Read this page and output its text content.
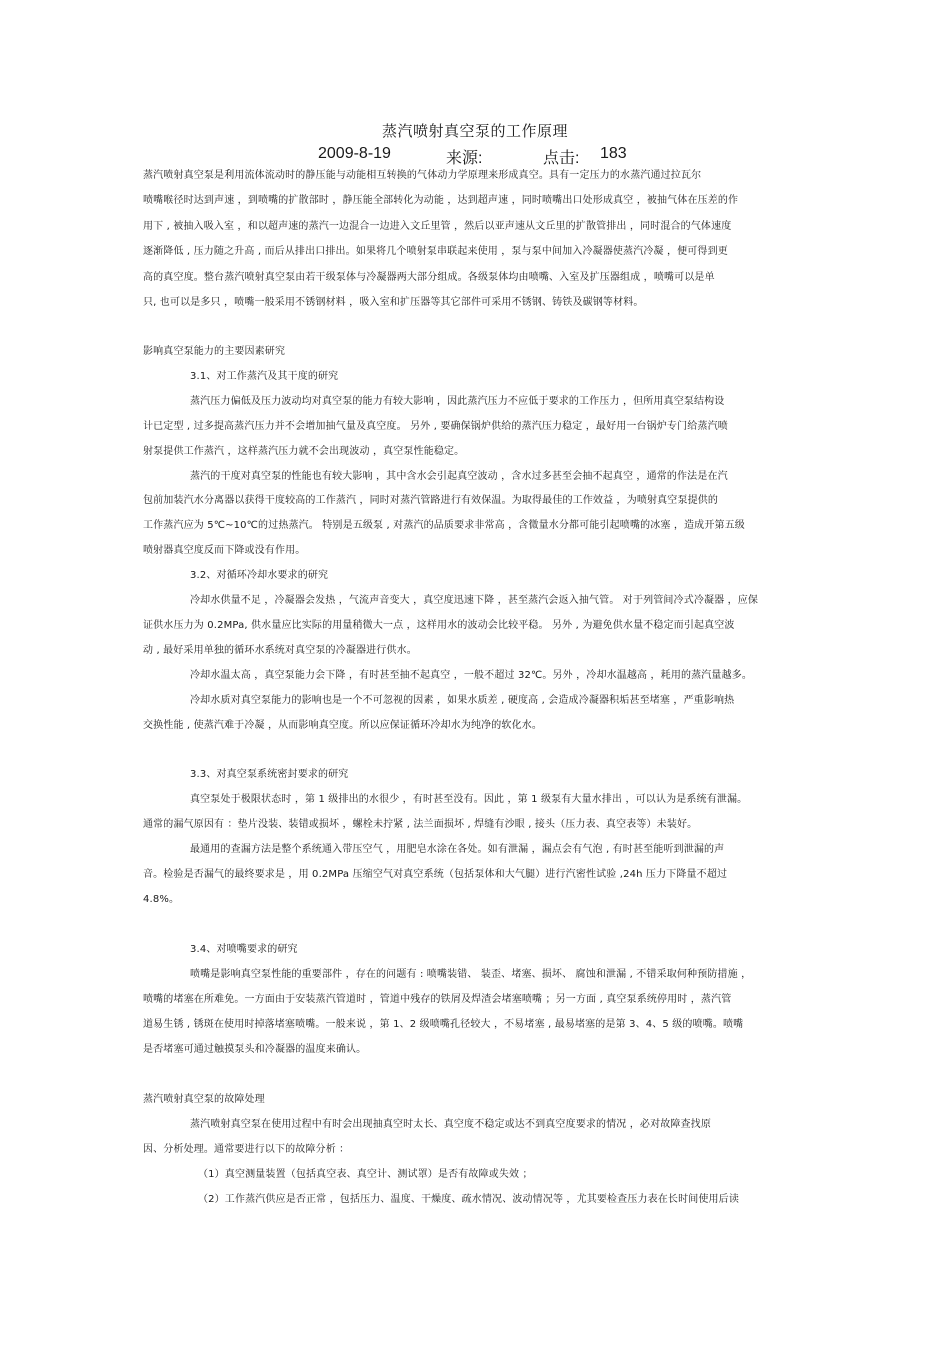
蒸汽喷射真空泵的工作原理
2009-8-19	来源:	点击: 183
蒸汽喷射真空泵是利用流体流动时的静压能与动能相互转换的气体动力学原理来形成真空。具有一定压力的水蒸汽通过拉瓦尔
喷嘴喉径时达到声速 ，到喷嘴的扩散部时 ，静压能全部转化为动能 ，达到超声速 ，同时喷嘴出口处形成真空 ，被抽气体在压差的作
用下 , 被抽入吸入室 ，和以超声速的蒸汽一边混合一边进入文丘里管 ，然后以亚声速从文丘里的扩散管排出 ，同时混合的气体速度
逐渐降低 , 压力随之升高 , 而后从排出口排出。如果将几个喷射泵串联起来使用 ，泵与泵中间加入冷凝器使蒸汽冷凝 ，便可得到更
高的真空度。整台蒸汽喷射真空泵由若干级泵体与冷凝器两大部分组成。各级泵体均由喷嘴、入室及扩压器组成 ，喷嘴可以是单
只, 也可以是多只 ，喷嘴一般采用不锈钢材料 ，吸入室和扩压器等其它部件可采用不锈钢、铸铁及碳钢等材料。
影响真空泵能力的主要因素研究
3.1、对工作蒸汽及其干度的研究
蒸汽压力偏低及压力波动均对真空泵的能力有较大影响 ，因此蒸汽压力不应低于要求的工作压力 ，但所用真空泵结构设
计已定型 , 过多提高蒸汽压力并不会增加抽气量及真空度。 另外 , 要确保锅炉供给的蒸汽压力稳定 ，最好用一台锅炉专门给蒸汽喷
射泵提供工作蒸汽 ，这样蒸汽压力就不会出现波动 ，真空泵性能稳定。
蒸汽的干度对真空泵的性能也有较大影响 ，其中含水会引起真空波动 ，含水过多甚至会抽不起真空 ，通常的作法是在汽
包前加装汽水分离器以获得干度较高的工作蒸汽 ，同时对蒸汽管路进行有效保温。为取得最佳的工作效益 ，为喷射真空泵提供的
工作蒸汽应为 5℃~10℃的过热蒸汽。 特别是五级泵 , 对蒸汽的品质要求非常高 ，含微量水分都可能引起喷嘴的冰塞 ，造成开第五级
喷射器真空度反而下降或没有作用。
3.2、对循环冷却水要求的研究
冷却水供量不足 ，冷凝器会发热 ，气流声音变大 ，真空度迅速下降 ，甚至蒸汽会返入抽气管。 对于列管间冷式冷凝器 ，应保
证供水压力为 0.2MPa, 供水量应比实际的用量稍微大一点 ，这样用水的波动会比较平稳。 另外 , 为避免供水量不稳定而引起真空波
动 , 最好采用单独的循环水系统对真空泵的冷凝器进行供水。
冷却水温太高 ，真空泵能力会下降 ，有时甚至抽不起真空 ，一般不超过 32℃。另外 ，冷却水温越高 ，耗用的蒸汽量越多。
冷却水质对真空泵能力的影响也是一个不可忽视的因素 ，如果水质差 , 硬度高 , 会造成冷凝器积垢甚至堵塞 ，严重影响热
交换性能 , 使蒸汽难于冷凝 ，从而影响真空度。所以应保证循环冷却水为纯净的软化水。
3.3、对真空泵系统密封要求的研究
真空泵处于极限状态时 ，第 1 级排出的水很少 ，有时甚至没有。因此 ，第 1 级泵有大量水排出 ，可以认为是系统有泄漏。
通常的漏气原因有 ：垫片没装、装错或损坏 ，螺栓未拧紧 , 法兰面损坏 , 焊缝有沙眼 , 接头（压力表、真空表等）未装好。
最通用的查漏方法是整个系统通入带压空气 ，用肥皂水涂在各处。如有泄漏 ，漏点会有气泡 , 有时甚至能听到泄漏的声
音。检验是否漏气的最终要求是 ，用 0.2MPa 压缩空气对真空系统（包括泵体和大气腿）进行汽密性试验 ,24h 压力下降量不超过
4.8%。
3.4、对喷嘴要求的研究
喷嘴是影响真空泵性能的重要部件 ，存在的问题有 : 喷嘴装错、 装歪、堵塞、损坏、 腐蚀和泄漏 , 不错采取何种预防措施 ，
喷嘴的堵塞在所难免。一方面由于安装蒸汽管道时 ，管道中残存的铁屑及焊渣会堵塞喷嘴 ；另一方面 , 真空泵系统停用时 ，蒸汽管
道易生锈 , 锈斑在使用时掉落堵塞喷嘴。一般来说 ，第 1、2 级喷嘴孔径较大 ，不易堵塞 , 最易堵塞的是第 3、4、5 级的喷嘴。喷嘴
是否堵塞可通过触摸泵头和冷凝器的温度来确认。
蒸汽喷射真空泵的故障处理
蒸汽喷射真空泵在使用过程中有时会出现抽真空时太长、真空度不稳定或达不到真空度要求的情况 ，必对故障查找原
因、分析处理。通常要进行以下的故障分析 ：
（1）真空测量装置（包括真空表、真空计、测试罩）是否有故障或失效 ；
（2）工作蒸汽供应是否正常 ，包括压力、温度、干燥度、疏水情况、波动情况等 ，尤其要检查压力表在长时间使用后读
